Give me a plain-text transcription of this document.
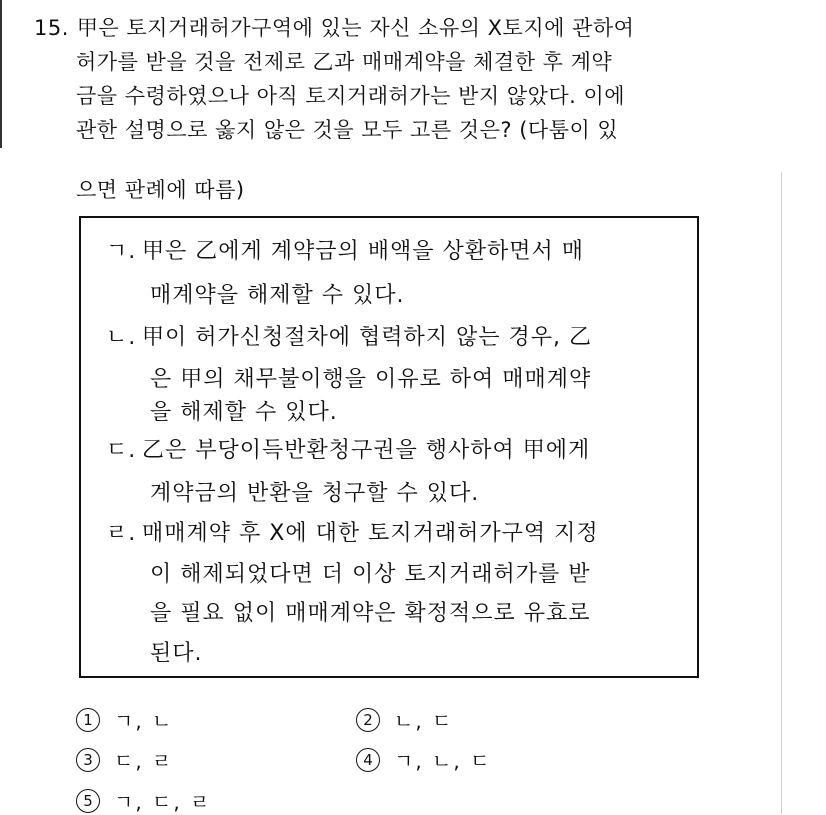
15. 甲은 토지거래허가구역에 있는 자신 소유의 X토지에 관하여
허가를 받을 것을 전제로 乙과 매매계약을 체결한 후 계약
금을 수령하였으나 아직 토지거래허가는 받지 않았다. 이에
관한 설명으로 옳지 않은 것을 모두 고른 것은? (다툼이 있
으면 판례에 따름)
ㄱ. 甲은 乙에게 계약금의 배액을 상환하면서 매
매계약을 해제할 수 있다.
ㄴ. 甲이 허가신청절차에 협력하지 않는 경우, 乙
은 甲의 채무불이행을 이유로 하여 매매계약
을 해제할 수 있다.
ㄷ. 乙은 부당이득반환청구권을 행사하여 甲에게
계약금의 반환을 청구할 수 있다.
ㄹ. 매매계약 후 X에 대한 토지거래허가구역 지정
이 해제되었다면 더 이상 토지거래허가를 받
을 필요 없이 매매계약은 확정적으로 유효로
된다.
1 ㄱ, ㄴ	2 ㄴ, ㄷ
3 ㄷ, ㄹ	4 ㄱ, ㄴ, ㄷ
5 ㄱ, ㄷ, ㄹ
